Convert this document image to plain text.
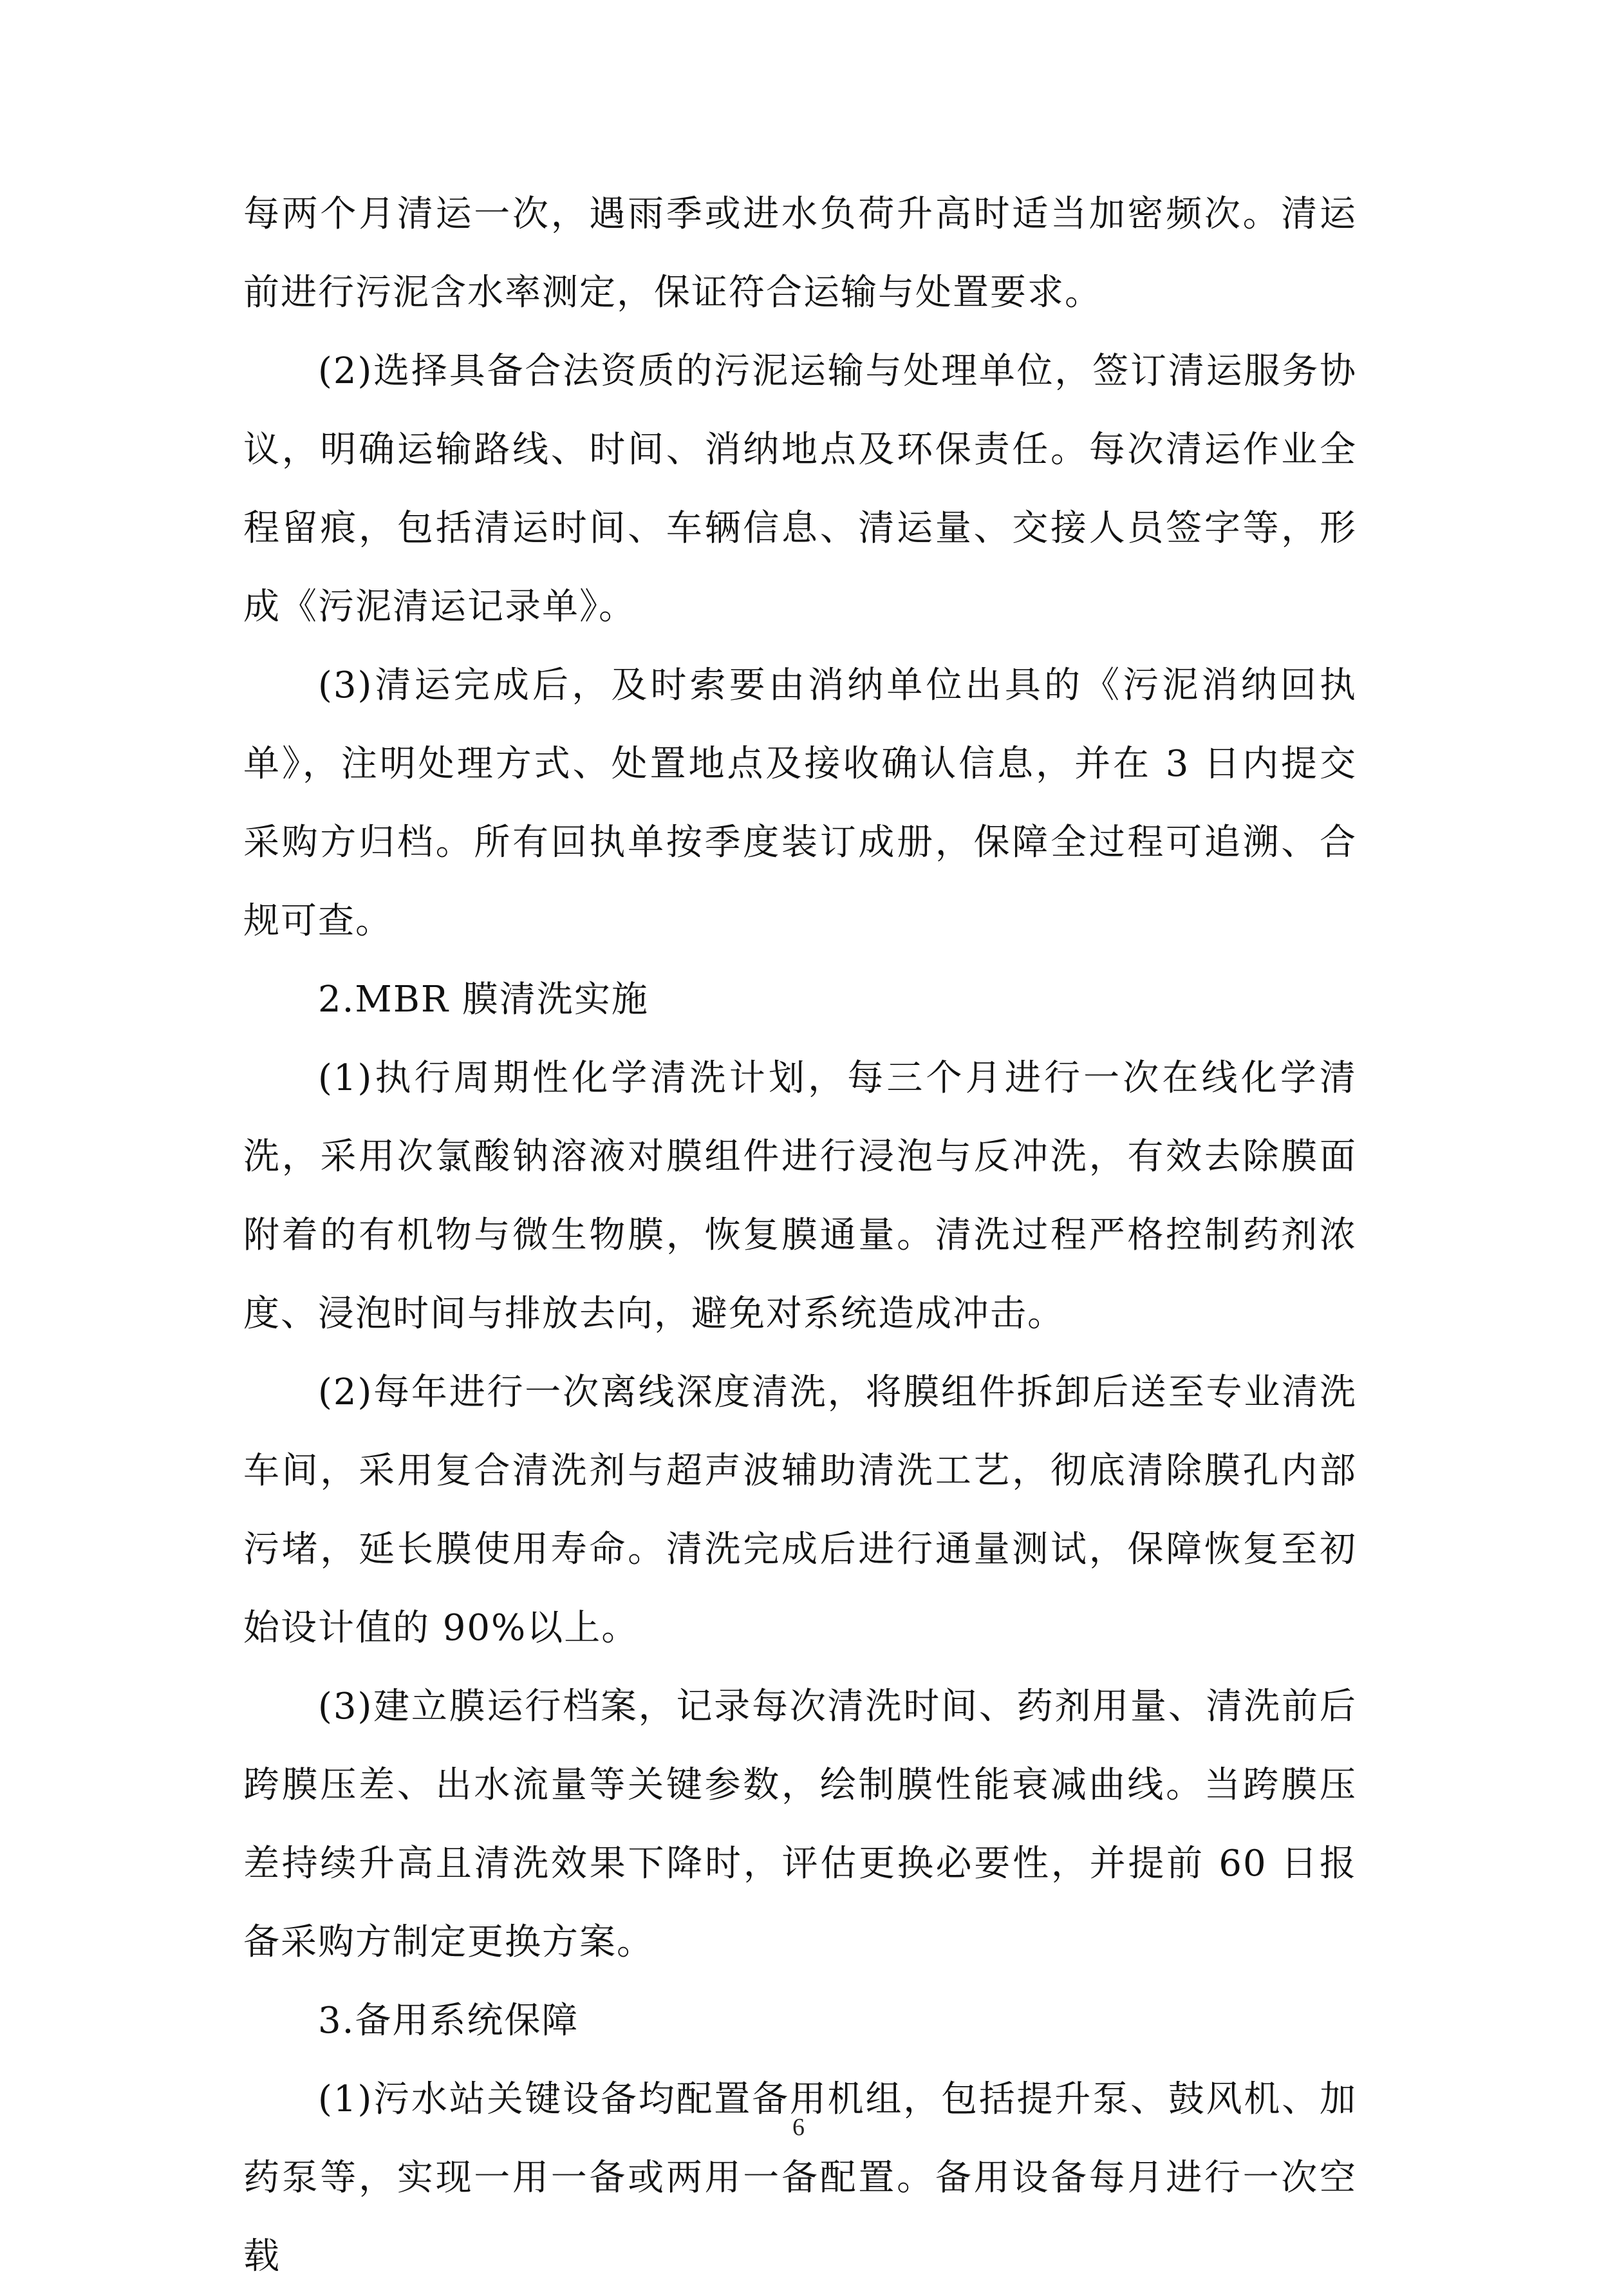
每两个月清运一次，遇雨季或进水负荷升高时适当加密频次。清运前进行污泥含水率测定，保证符合运输与处置要求。

(2)选择具备合法资质的污泥运输与处理单位，签订清运服务协议，明确运输路线、时间、消纳地点及环保责任。每次清运作业全程留痕，包括清运时间、车辆信息、清运量、交接人员签字等，形成《污泥清运记录单》。

(3)清运完成后，及时索要由消纳单位出具的《污泥消纳回执单》，注明处理方式、处置地点及接收确认信息，并在 3 日内提交采购方归档。所有回执单按季度装订成册，保障全过程可追溯、合规可查。

2.MBR 膜清洗实施

(1)执行周期性化学清洗计划，每三个月进行一次在线化学清洗，采用次氯酸钠溶液对膜组件进行浸泡与反冲洗，有效去除膜面附着的有机物与微生物膜，恢复膜通量。清洗过程严格控制药剂浓度、浸泡时间与排放去向，避免对系统造成冲击。

(2)每年进行一次离线深度清洗，将膜组件拆卸后送至专业清洗车间，采用复合清洗剂与超声波辅助清洗工艺，彻底清除膜孔内部污堵，延长膜使用寿命。清洗完成后进行通量测试，保障恢复至初始设计值的 90%以上。

(3)建立膜运行档案，记录每次清洗时间、药剂用量、清洗前后跨膜压差、出水流量等关键参数，绘制膜性能衰减曲线。当跨膜压差持续升高且清洗效果下降时，评估更换必要性，并提前 60 日报备采购方制定更换方案。

3.备用系统保障

(1)污水站关键设备均配置备用机组，包括提升泵、鼓风机、加药泵等，实现一用一备或两用一备配置。备用设备每月进行一次空载

6
